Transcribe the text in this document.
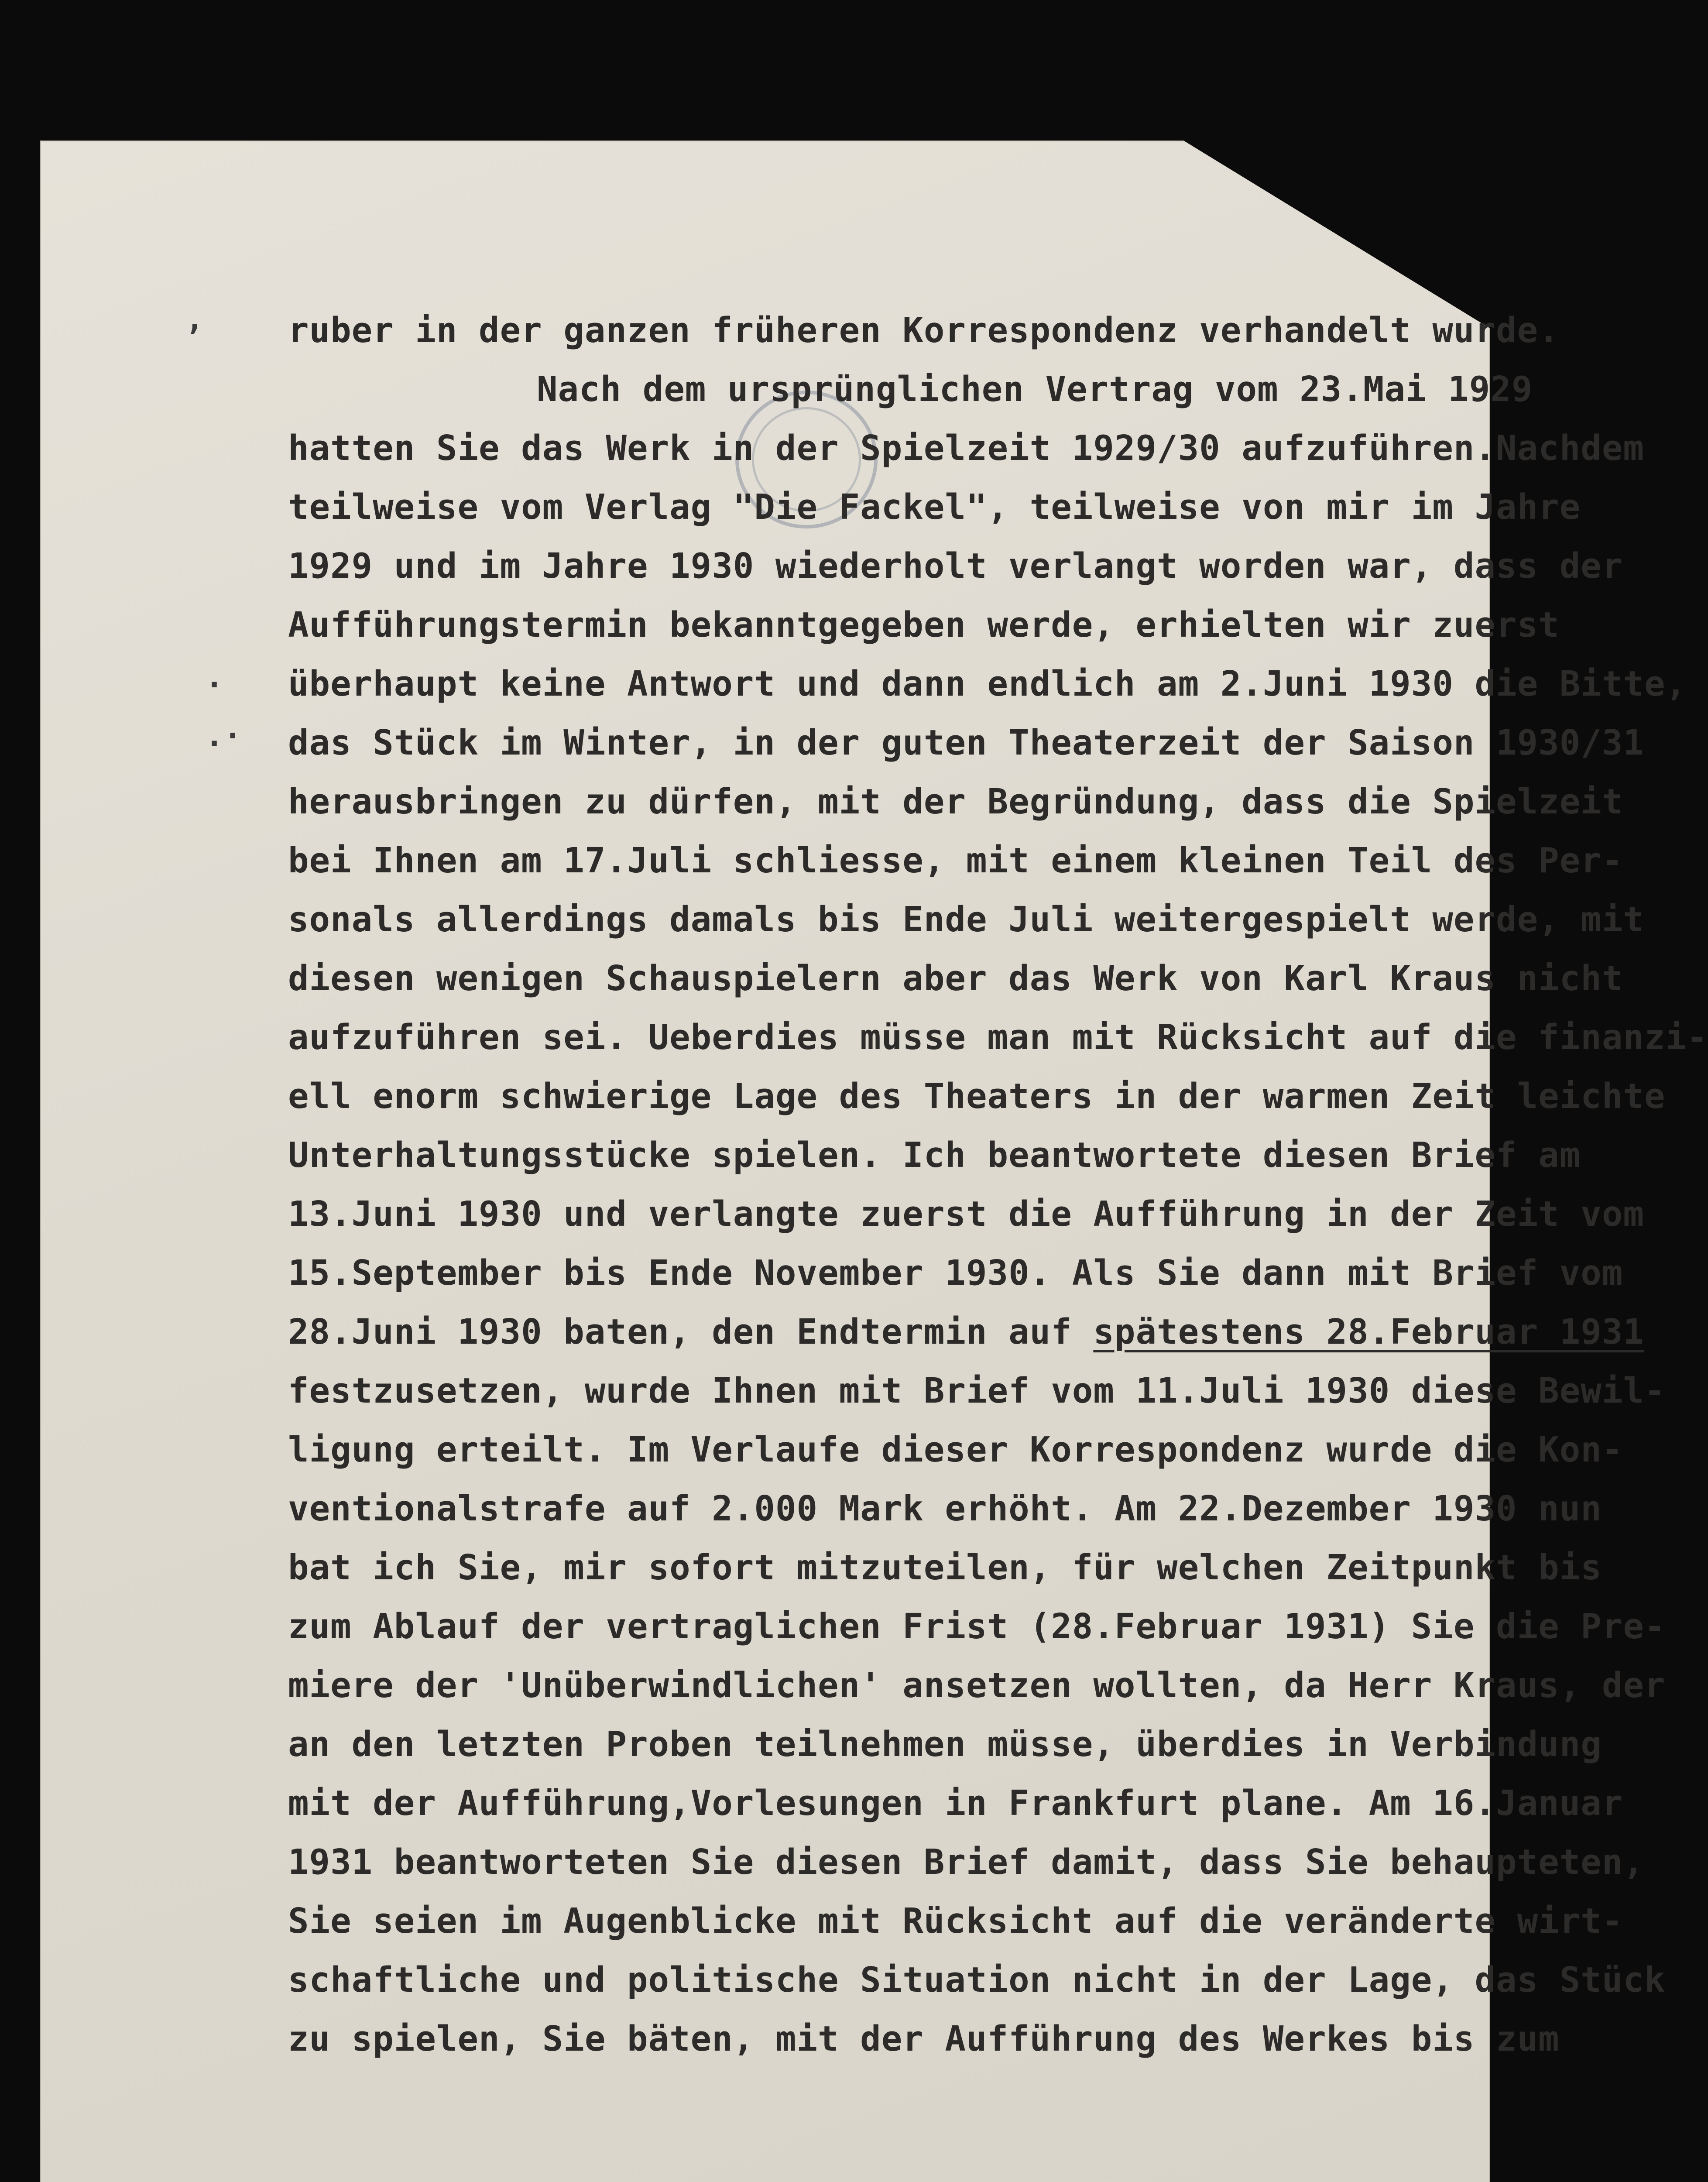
,
.
.·
ruber in der ganzen früheren Korrespondenz verhandelt wurde.
Nach dem ursprünglichen Vertrag vom 23.Mai 1929
hatten Sie das Werk in der Spielzeit 1929/30 aufzuführen.Nachdem
teilweise vom Verlag "Die Fackel", teilweise von mir im Jahre
1929 und im Jahre 1930 wiederholt verlangt worden war, dass der
Aufführungstermin bekanntgegeben werde, erhielten wir zuerst
überhaupt keine Antwort und dann endlich am 2.Juni 1930 die Bitte,
das Stück im Winter, in der guten Theaterzeit der Saison 1930/31
herausbringen zu dürfen, mit der Begründung, dass die Spielzeit
bei Ihnen am 17.Juli schliesse, mit einem kleinen Teil des Per-
sonals allerdings damals bis Ende Juli weitergespielt werde, mit
diesen wenigen Schauspielern aber das Werk von Karl Kraus nicht
aufzuführen sei. Ueberdies müsse man mit Rücksicht auf die finanzi-
ell enorm schwierige Lage des Theaters in der warmen Zeit leichte
Unterhaltungsstücke spielen. Ich beantwortete diesen Brief am
13.Juni 1930 und verlangte zuerst die Aufführung in der Zeit vom
15.September bis Ende November 1930. Als Sie dann mit Brief vom
28.Juni 1930 baten, den Endtermin auf spätestens 28.Februar 1931
festzusetzen, wurde Ihnen mit Brief vom 11.Juli 1930 diese Bewil-
ligung erteilt. Im Verlaufe dieser Korrespondenz wurde die Kon-
ventionalstrafe auf 2.000 Mark erhöht. Am 22.Dezember 1930 nun
bat ich Sie, mir sofort mitzuteilen, für welchen Zeitpunkt bis
zum Ablauf der vertraglichen Frist (28.Februar 1931) Sie die Pre-
miere der 'Unüberwindlichen' ansetzen wollten, da Herr Kraus, der
an den letzten Proben teilnehmen müsse, überdies in Verbindung
mit der Aufführung,Vorlesungen in Frankfurt plane. Am 16.Januar
1931 beantworteten Sie diesen Brief damit, dass Sie behaupteten,
Sie seien im Augenblicke mit Rücksicht auf die veränderte wirt-
schaftliche und politische Situation nicht in der Lage, das Stück
zu spielen, Sie bäten, mit der Aufführung des Werkes bis zum
